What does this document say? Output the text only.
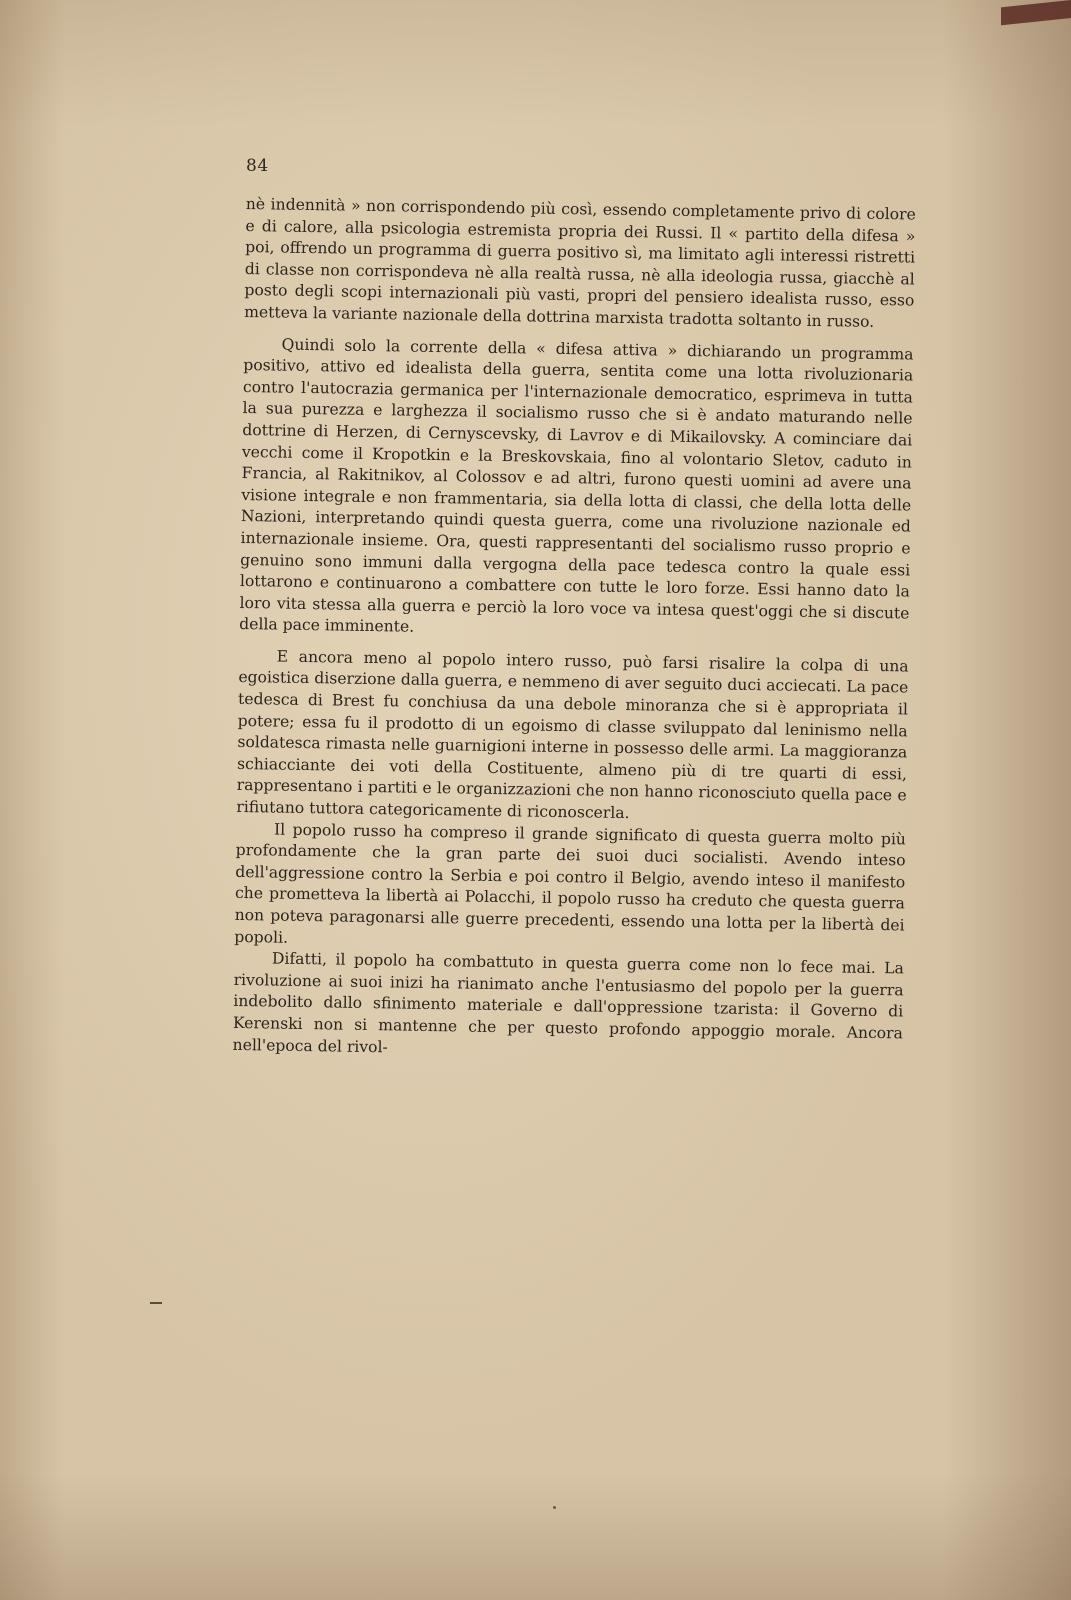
84

nè indennità » non corrispondendo più così, essendo completamente privo di colore e di calore, alla psicologia estremista propria dei Russi. Il « partito della difesa » poi, offrendo un programma di guerra positivo sì, ma limitato agli interessi ristretti di classe non corrispondeva nè alla realtà russa, nè alla ideologia russa, giacchè al posto degli scopi internazionali più vasti, propri del pensiero idealista russo, esso metteva la variante nazionale della dottrina marxista tradotta soltanto in russo.

Quindi solo la corrente della « difesa attiva » dichiarando un programma positivo, attivo ed idealista della guerra, sentita come una lotta rivoluzionaria contro l'autocrazia germanica per l'internazionale democratico, esprimeva in tutta la sua purezza e larghezza il socialismo russo che si è andato maturando nelle dottrine di Herzen, di Cernyscevsky, di Lavrov e di Mikailovsky. A cominciare dai vecchi come il Kropotkin e la Breskovskaia, fino al volontario Sletov, caduto in Francia, al Rakitnikov, al Colossov e ad altri, furono questi uomini ad avere una visione integrale e non frammentaria, sia della lotta di classi, che della lotta delle Nazioni, interpretando quindi questa guerra, come una rivoluzione nazionale ed internazionale insieme. Ora, questi rappresentanti del socialismo russo proprio e genuino sono immuni dalla vergogna della pace tedesca contro la quale essi lottarono e continuarono a combattere con tutte le loro forze. Essi hanno dato la loro vita stessa alla guerra e perciò la loro voce va intesa quest'oggi che si discute della pace imminente.

E ancora meno al popolo intero russo, può farsi risalire la colpa di una egoistica diserzione dalla guerra, e nemmeno di aver seguito duci acciecati. La pace tedesca di Brest fu conchiusa da una debole minoranza che si è appropriata il potere; essa fu il prodotto di un egoismo di classe sviluppato dal leninismo nella soldatesca rimasta nelle guarnigioni interne in possesso delle armi. La maggioranza schiacciante dei voti della Costituente, almeno più di tre quarti di essi, rappresentano i partiti e le organizzazioni che non hanno riconosciuto quella pace e rifiutano tuttora categoricamente di riconoscerla.

Il popolo russo ha compreso il grande significato di questa guerra molto più profondamente che la gran parte dei suoi duci socialisti. Avendo inteso dell'aggressione contro la Serbia e poi contro il Belgio, avendo inteso il manifesto che prometteva la libertà ai Polacchi, il popolo russo ha creduto che questa guerra non poteva paragonarsi alle guerre precedenti, essendo una lotta per la libertà dei popoli.

Difatti, il popolo ha combattuto in questa guerra come non lo fece mai. La rivoluzione ai suoi inizi ha rianimato anche l'entusiasmo del popolo per la guerra indebolito dallo sfinimento materiale e dall'oppressione tzarista: il Governo di Kerenski non si mantenne che per questo profondo appoggio morale. Ancora nell'epoca del rivol-
